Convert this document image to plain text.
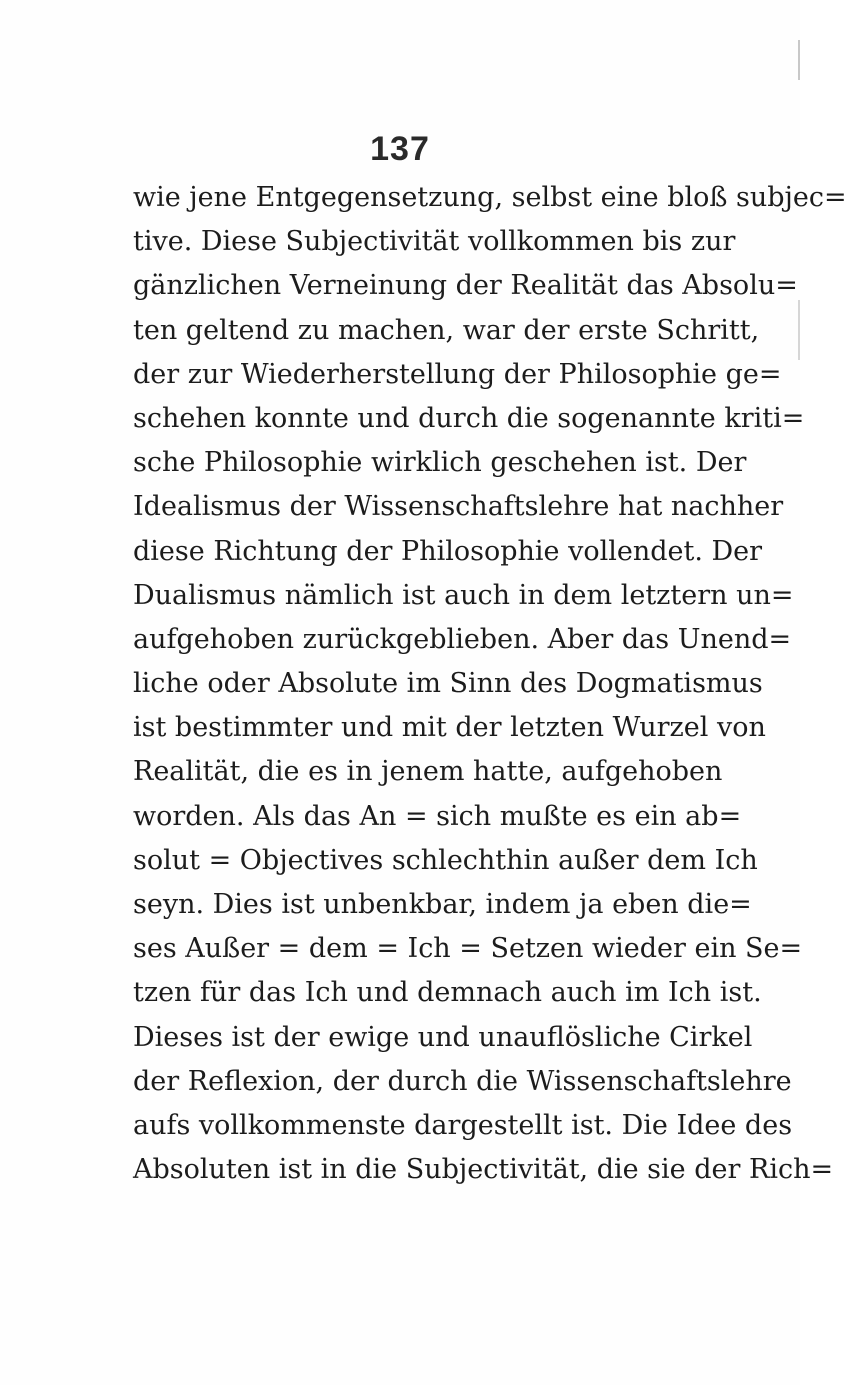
137
wie jene Entgegensetzung, selbst eine bloß subjec=
tive. Diese Subjectivität vollkommen bis zur
gänzlichen Verneinung der Realität das Absolu=
ten geltend zu machen, war der erste Schritt,
der zur Wiederherstellung der Philosophie ge=
schehen konnte und durch die sogenannte kriti=
sche Philosophie wirklich geschehen ist. Der
Idealismus der Wissenschaftslehre hat nachher
diese Richtung der Philosophie vollendet. Der
Dualismus nämlich ist auch in dem letztern un=
aufgehoben zurückgeblieben. Aber das Unend=
liche oder Absolute im Sinn des Dogmatismus
ist bestimmter und mit der letzten Wurzel von
Realität, die es in jenem hatte, aufgehoben
worden. Als das An = sich mußte es ein ab=
solut = Objectives schlechthin außer dem Ich
seyn. Dies ist unbenkbar, indem ja eben die=
ses Außer = dem = Ich = Setzen wieder ein Se=
tzen für das Ich und demnach auch im Ich ist.
Dieses ist der ewige und unauflösliche Cirkel
der Reflexion, der durch die Wissenschaftslehre
aufs vollkommenste dargestellt ist. Die Idee des
Absoluten ist in die Subjectivität, die sie der Rich=
